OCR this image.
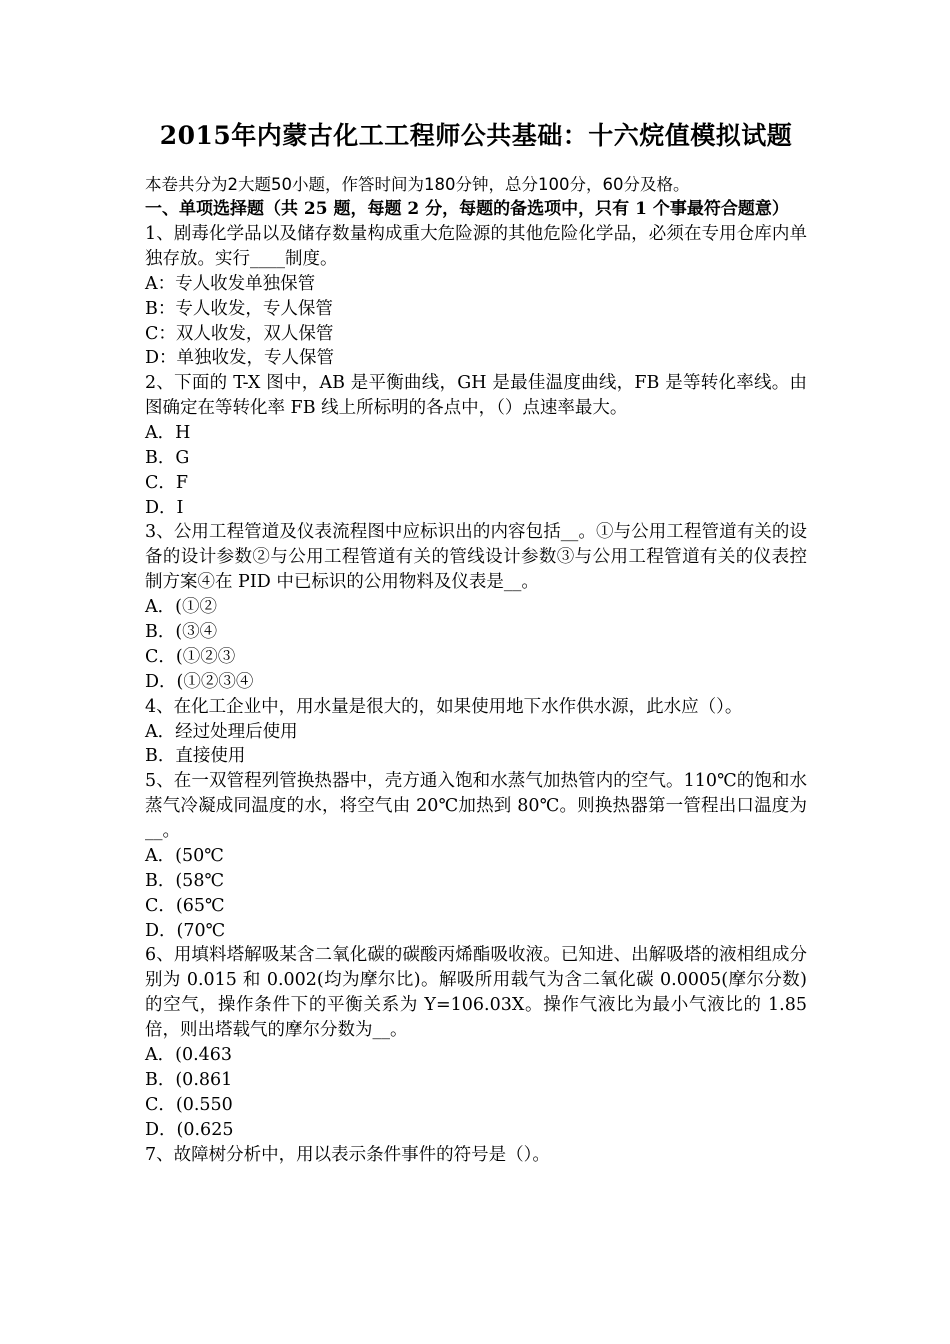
2015年内蒙古化工工程师公共基础：十六烷值模拟试题

本卷共分为2大题50小题，作答时间为180分钟，总分100分，60分及格。

一、单项选择题（共 25 题，每题 2 分，每题的备选项中，只有 1 个事最符合题意）

1、剧毒化学品以及储存数量构成重大危险源的其他危险化学品，必须在专用仓库内单独存放。实行____制度。

A：专人收发单独保管

B：专人收发，专人保管

C：双人收发，双人保管

D：单独收发，专人保管

2、下面的 T-X 图中，AB 是平衡曲线，GH 是最佳温度曲线，FB 是等转化率线。由图确定在等转化率 FB 线上所标明的各点中，（）点速率最大。

A．H

B．G

C．F

D．I

3、公用工程管道及仪表流程图中应标识出的内容包括__。①与公用工程管道有关的设备的设计参数②与公用工程管道有关的管线设计参数③与公用工程管道有关的仪表控制方案④在 PID 中已标识的公用物料及仪表是__。

A．(①②

B．(③④

C．(①②③

D．(①②③④

4、在化工企业中，用水量是很大的，如果使用地下水作供水源，此水应（）。

A．经过处理后使用

B．直接使用

5、在一双管程列管换热器中，壳方通入饱和水蒸气加热管内的空气。110℃的饱和水蒸气冷凝成同温度的水，将空气由 20℃加热到 80℃。则换热器第一管程出口温度为__。

A．(50℃

B．(58℃

C．(65℃

D．(70℃

6、用填料塔解吸某含二氧化碳的碳酸丙烯酯吸收液。已知进、出解吸塔的液相组成分别为 0.015 和 0.002(均为摩尔比)。解吸所用载气为含二氧化碳 0.0005(摩尔分数)的空气，操作条件下的平衡关系为 Y=106.03X。操作气液比为最小气液比的 1.85 倍，则出塔载气的摩尔分数为__。

A．(0.463

B．(0.861

C．(0.550

D．(0.625

7、故障树分析中，用以表示条件事件的符号是（）。
